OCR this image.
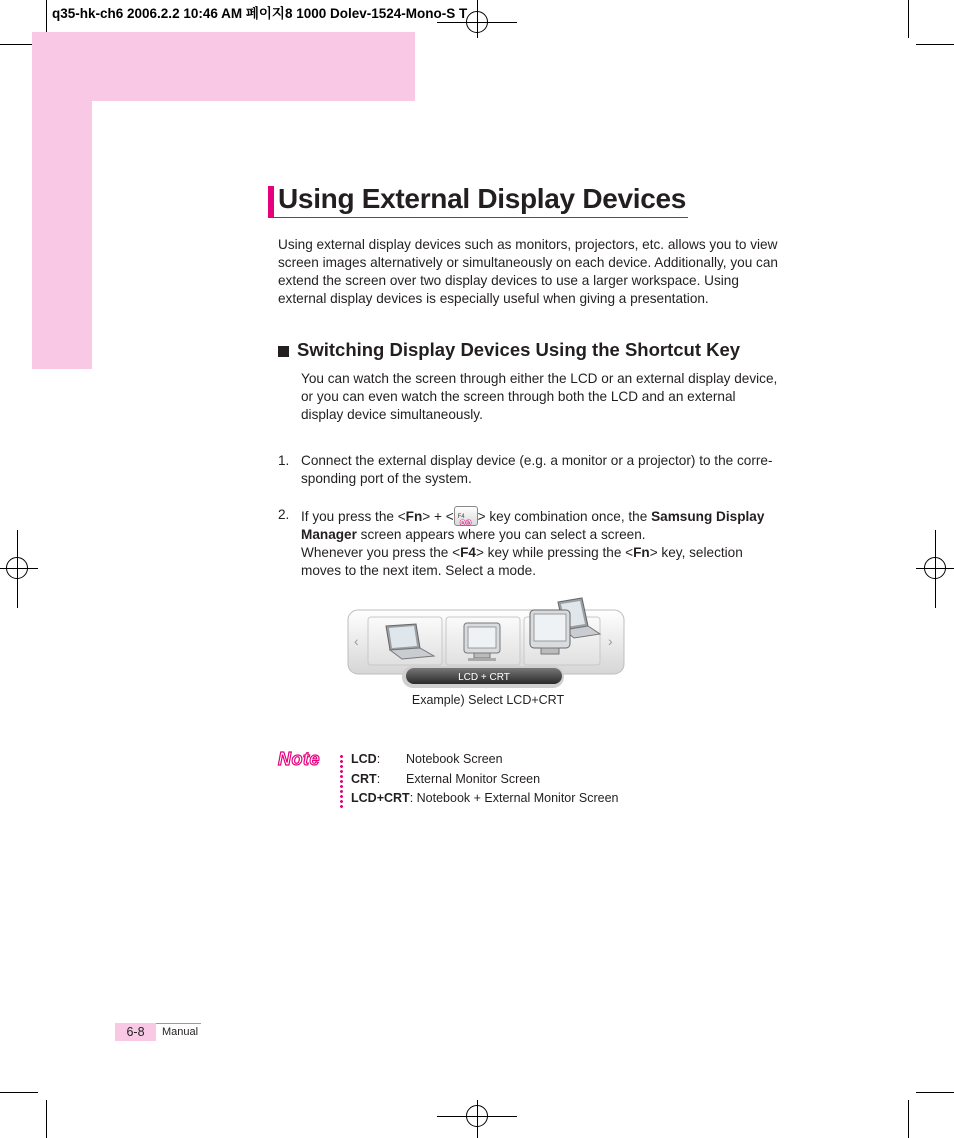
q35-hk-ch6 2006.2.2 10:46 AM 페이지8 1000 Dolev-1524-Mono-S T
Using External Display Devices
Using external display devices such as monitors, projectors, etc. allows you to view screen images alternatively or simultaneously on each device. Additionally, you can extend the screen over two display devices to use a larger workspace. Using external display devices is especially useful when giving a presentation.
Switching Display Devices Using the Shortcut Key
You can watch the screen through either the LCD or an external display device, or you can even watch the screen through both the LCD and an external display device simultaneously.
1. Connect the external display device (e.g. a monitor or a projector) to the corre-sponding port of the system.
2. If you press the <Fn> + < F4
ⓐⓑ > key combination once, the Samsung Display Manager screen appears where you can select a screen.
Whenever you press the <F4> key while pressing the <Fn> key, selection moves to the next item. Select a mode.
‹	›
LCD + CRT
Example) Select LCD+CRT
Note LCD: Notebook Screen
CRT: External Monitor Screen
LCD+CRT: Notebook + External Monitor Screen
6-8	Manual
